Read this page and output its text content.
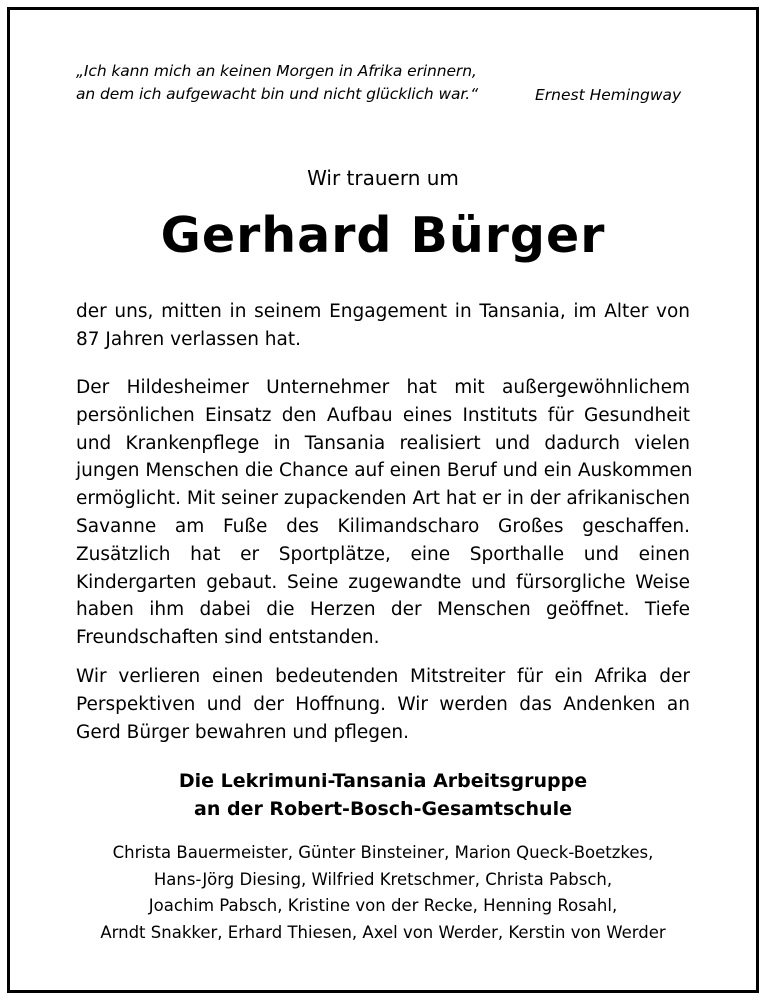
„Ich kann mich an keinen Morgen in Afrika erinnern,
an dem ich aufgewacht bin und nicht glücklich war.“	Ernest Hemingway
Wir trauern um
Gerhard Bürger
der uns, mitten in seinem Engagement in Tansania, im Alter von
87 Jahren verlassen hat.
Der Hildesheimer Unternehmer hat mit außergewöhnlichem
persönlichen Einsatz den Aufbau eines Instituts für Gesundheit
und Krankenpflege in Tansania realisiert und dadurch vielen
jungen Menschen die Chance auf einen Beruf und ein Auskommen
ermöglicht. Mit seiner zupackenden Art hat er in der afrikanischen
Savanne am Fuße des Kilimandscharo Großes geschaffen.
Zusätzlich hat er Sportplätze, eine Sporthalle und einen
Kindergarten gebaut. Seine zugewandte und fürsorgliche Weise
haben ihm dabei die Herzen der Menschen geöffnet. Tiefe
Freundschaften sind entstanden.
Wir verlieren einen bedeutenden Mitstreiter für ein Afrika der
Perspektiven und der Hoffnung. Wir werden das Andenken an
Gerd Bürger bewahren und pflegen.
Die Lekrimuni-Tansania Arbeitsgruppe
an der Robert-Bosch-Gesamtschule
Christa Bauermeister, Günter Binsteiner, Marion Queck-Boetzkes,
Hans-Jörg Diesing, Wilfried Kretschmer, Christa Pabsch,
Joachim Pabsch, Kristine von der Recke, Henning Rosahl,
Arndt Snakker, Erhard Thiesen, Axel von Werder, Kerstin von Werder
